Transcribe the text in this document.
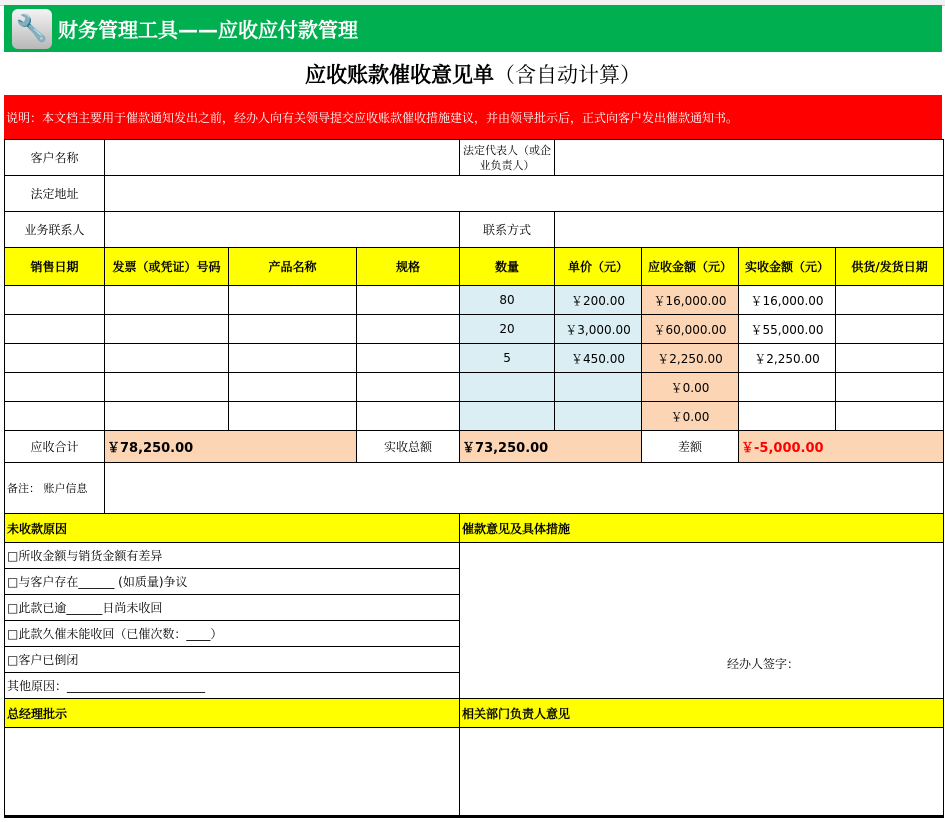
🔧 财务管理工具——应收应付款管理
应收账款催收意见单 （含自动计算）
说明：本文档主要用于催款通知发出之前，经办人向有关领导提交应收账款催收措施建议，并由领导批示后，正式向客户发出催款通知书。
客户名称				法定代表人（或企业负责人）				
法定地址								
业务联系人				联系方式				
销售日期	发票（或凭证）号码	产品名称	规格	数量	单价（元）	应收金额（元）	实收金额（元）	供货/发货日期
				80	￥200.00	￥16,000.00	￥16,000.00	
				20	￥3,000.00	￥60,000.00	￥55,000.00	
				5	￥450.00	￥2,250.00	￥2,250.00	
						￥0.00		
						￥0.00		
应收合计	￥78,250.00		实收总额	￥73,250.00		差额	￥-5,000.00	
备注： 账户信息								
未收款原因	催款意见及具体措施
□所收金额与销货金额有差异	经办人签字：

□与客户存在______ (如质量)争议	
□此款已逾______日尚未收回	
□此款久催未能收回（已催次数：____）	
□客户已倒闭	
其他原因：_______________________	
总经理批示	相关部门负责人意见
